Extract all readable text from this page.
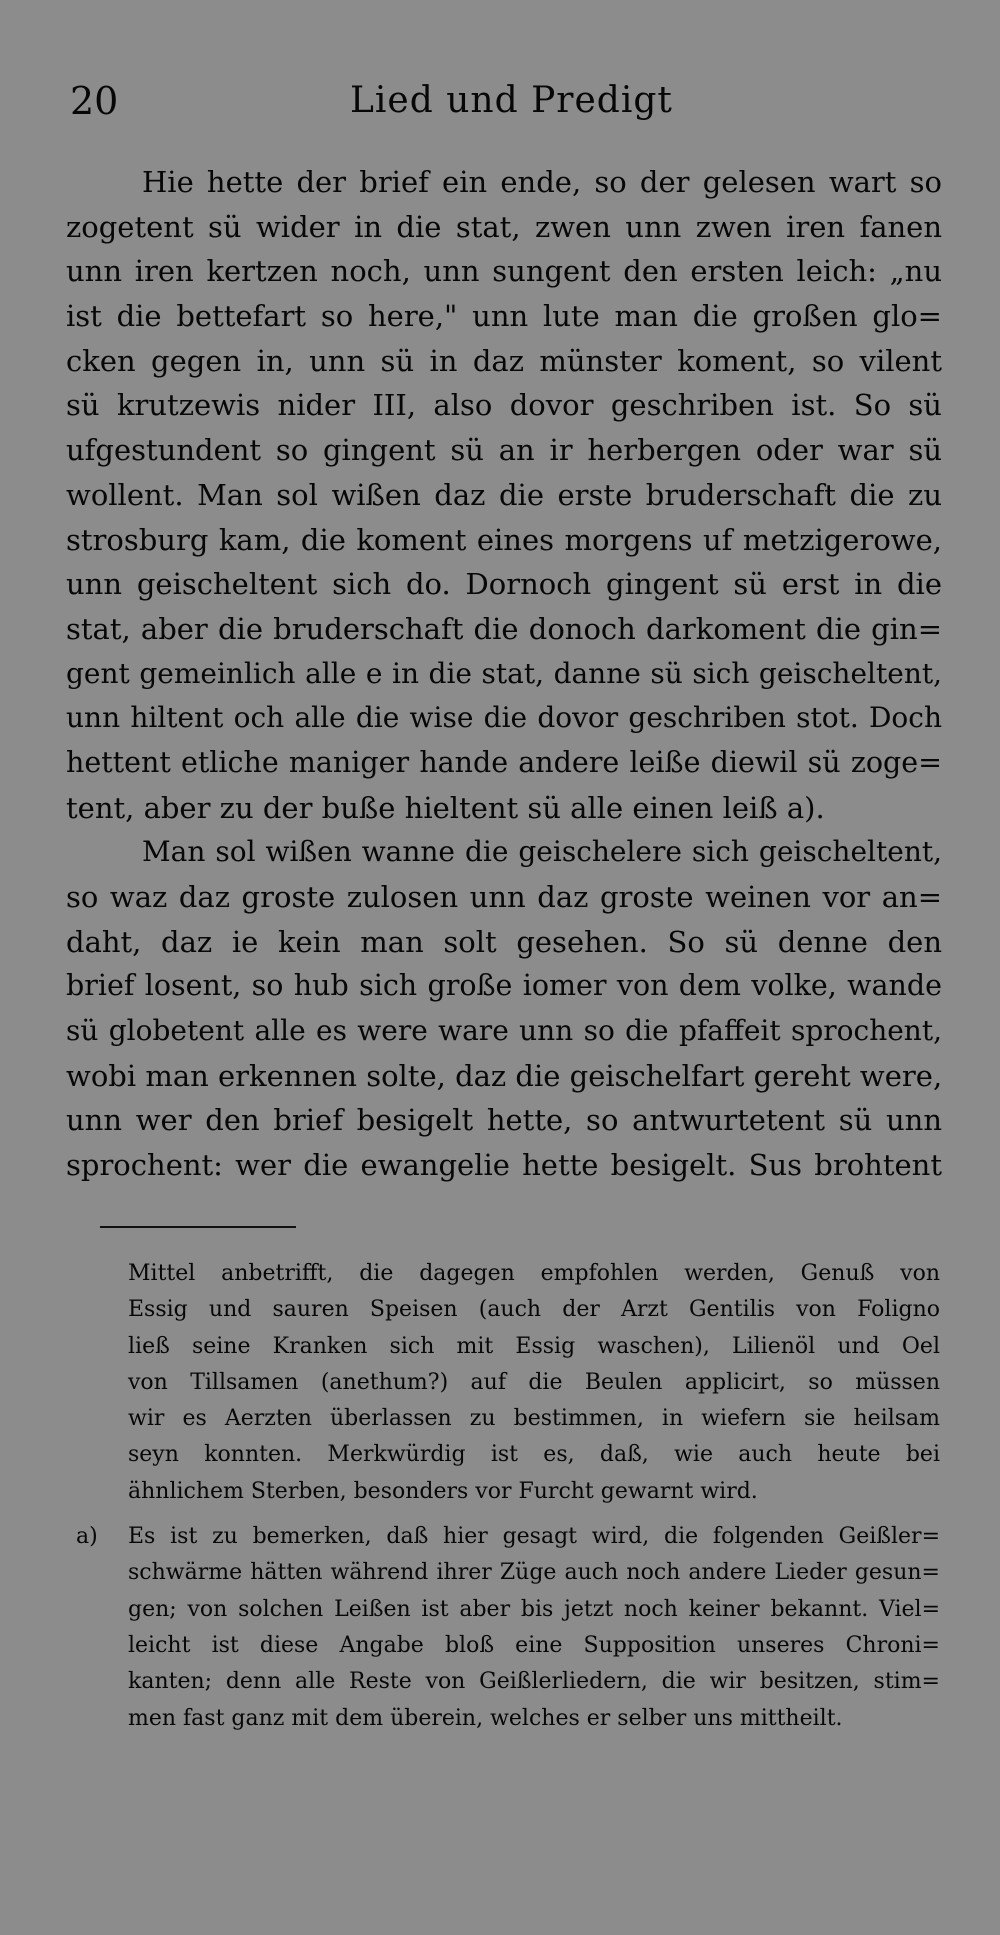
20	Lied und Predigt
Hie hette der brief ein ende, so der gelesen wart so
zogetent sü wider in die stat, zwen unn zwen iren fanen
unn iren kertzen noch, unn sungent den ersten leich: „nu
ist die bettefart so here," unn lute man die großen glo=
cken gegen in, unn sü in daz münster koment, so vilent
sü krutzewis nider III, also dovor geschriben ist. So sü
ufgestundent so gingent sü an ir herbergen oder war sü
wollent. Man sol wißen daz die erste bruderschaft die zu
strosburg kam, die koment eines morgens uf metzigerowe,
unn geischeltent sich do. Dornoch gingent sü erst in die
stat, aber die bruderschaft die donoch darkoment die gin=
gent gemeinlich alle e in die stat, danne sü sich geischeltent,
unn hiltent och alle die wise die dovor geschriben stot. Doch
hettent etliche maniger hande andere leiße diewil sü zoge=
tent, aber zu der buße hieltent sü alle einen leiß a).
Man sol wißen wanne die geischelere sich geischeltent,
so waz daz groste zulosen unn daz groste weinen vor an=
daht, daz ie kein man solt gesehen. So sü denne den
brief losent, so hub sich große iomer von dem volke, wande
sü globetent alle es were ware unn so die pfaffeit sprochent,
wobi man erkennen solte, daz die geischelfart gereht were,
unn wer den brief besigelt hette, so antwurtetent sü unn
sprochent: wer die ewangelie hette besigelt. Sus brohtent
Mittel anbetrifft, die dagegen empfohlen werden, Genuß von
Essig und sauren Speisen (auch der Arzt Gentilis von Foligno
ließ seine Kranken sich mit Essig waschen), Lilienöl und Oel
von Tillsamen (anethum?) auf die Beulen applicirt, so müssen
wir es Aerzten überlassen zu bestimmen, in wiefern sie heilsam
seyn konnten. Merkwürdig ist es, daß, wie auch heute bei
ähnlichem Sterben, besonders vor Furcht gewarnt wird.
a)	Es ist zu bemerken, daß hier gesagt wird, die folgenden Geißler=
schwärme hätten während ihrer Züge auch noch andere Lieder gesun=
gen; von solchen Leißen ist aber bis jetzt noch keiner bekannt. Viel=
leicht ist diese Angabe bloß eine Supposition unseres Chroni=
kanten; denn alle Reste von Geißlerliedern, die wir besitzen, stim=
men fast ganz mit dem überein, welches er selber uns mittheilt.
